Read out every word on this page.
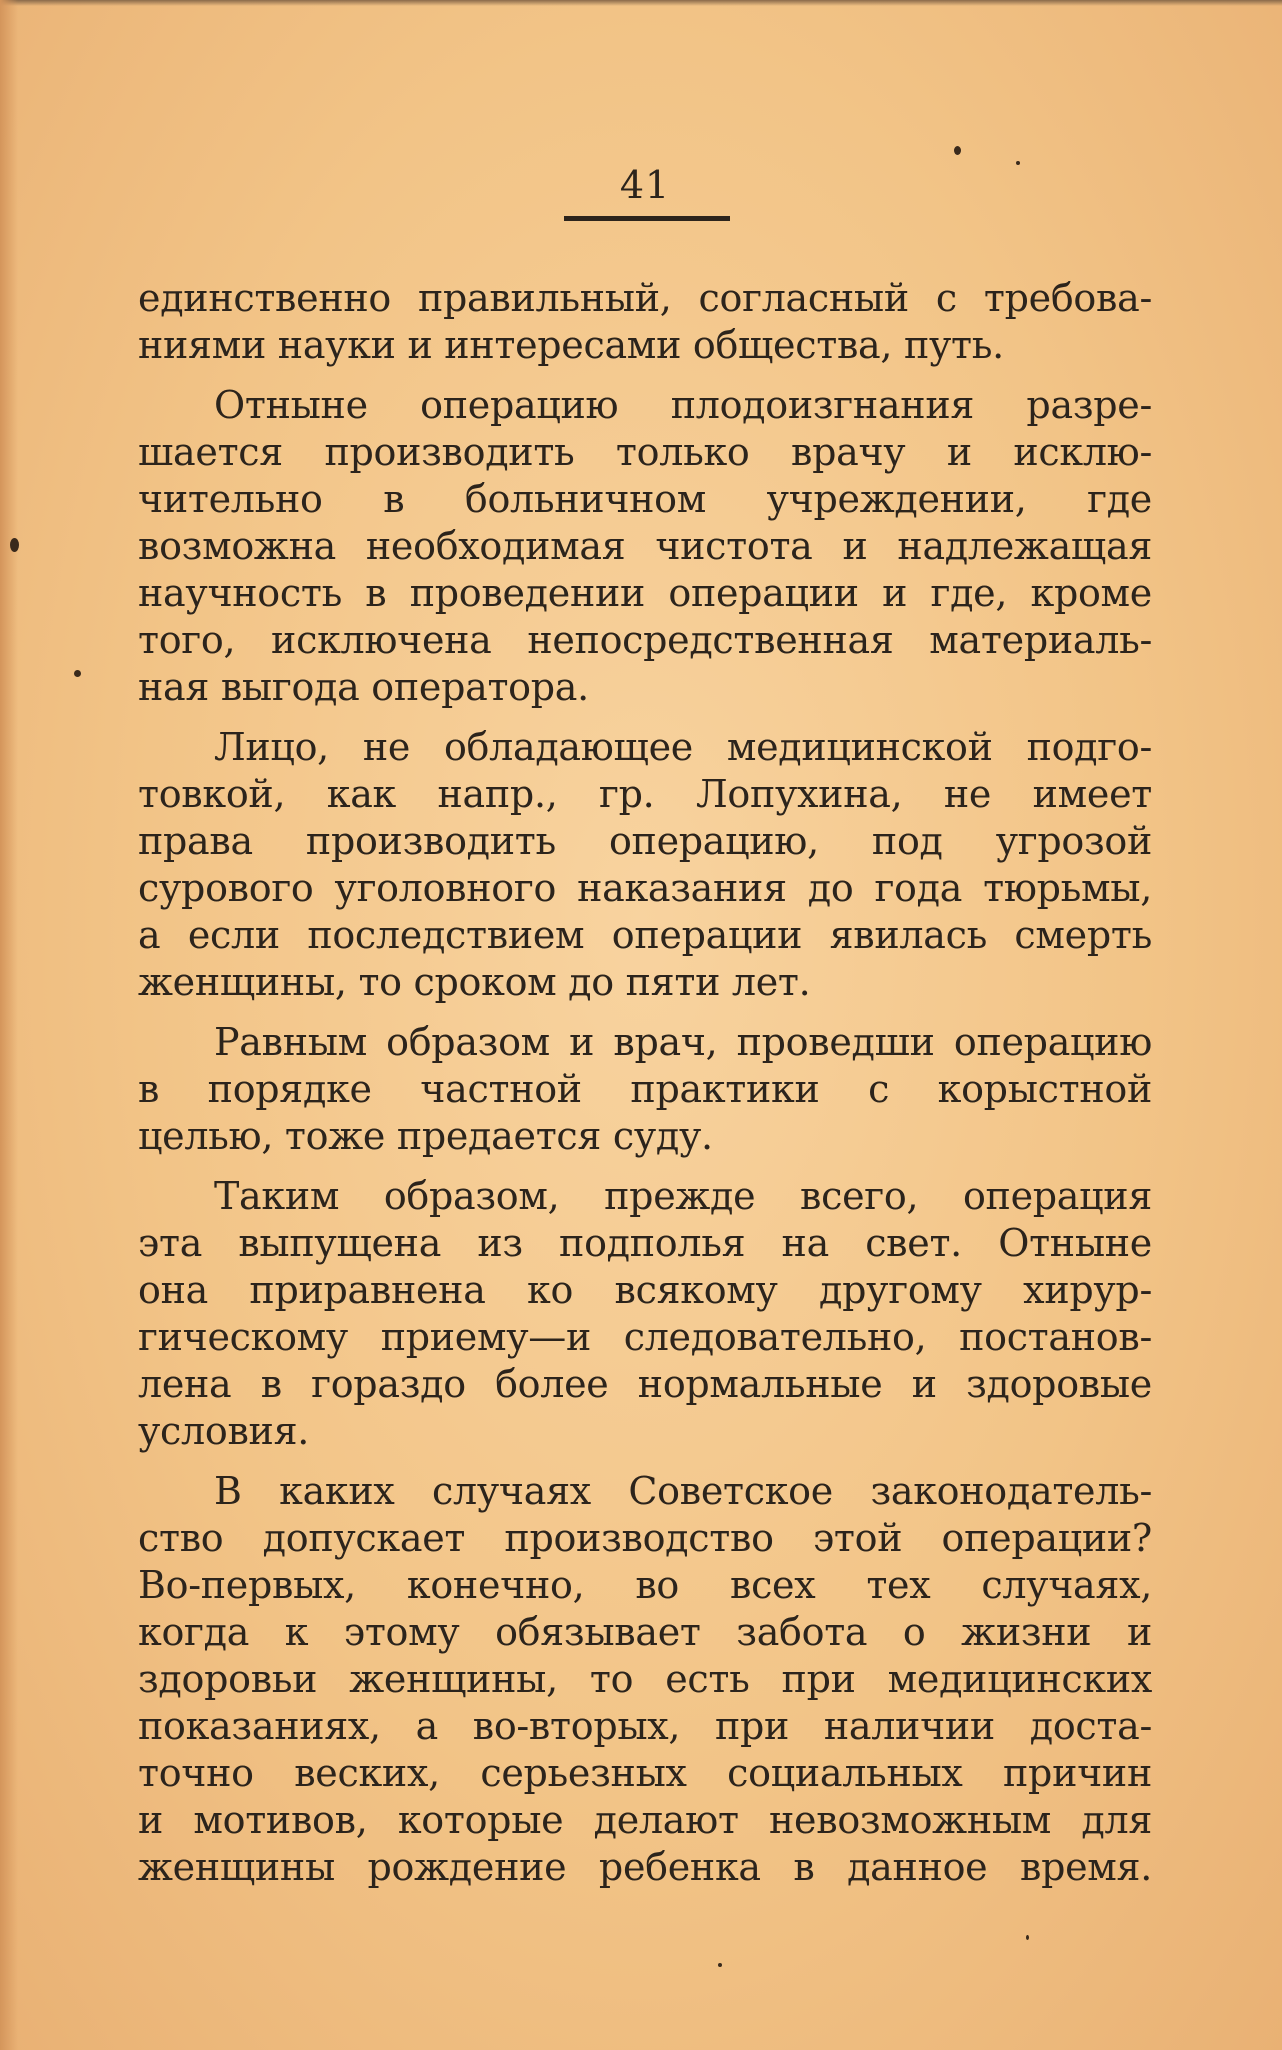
41
единственно правильный, согласный с требова-
ниями науки и интересами общества, путь.
Отныне операцию плодоизгнания разре-
шается производить только врачу и исклю-
чительно в больничном учреждении, где
возможна необходимая чистота и надлежащая
научность в проведении операции и где, кроме
того, исключена непосредственная материаль-
ная выгода оператора.
Лицо, не обладающее медицинской подго-
товкой, как напр., гр. Лопухина, не имеет
права производить операцию, под угрозой
сурового уголовного наказания до года тюрьмы,
а если последствием операции явилась смерть
женщины, то сроком до пяти лет.
Равным образом и врач, проведши операцию
в порядке частной практики с корыстной
целью, тоже предается суду.
Таким образом, прежде всего, операция
эта выпущена из подполья на свет. Отныне
она приравнена ко всякому другому хирур-
гическому приему—и следовательно, постанов-
лена в гораздо более нормальные и здоровые
условия.
В каких случаях Советское законодатель-
ство допускает производство этой операции?
Во-первых, конечно, во всех тех случаях,
когда к этому обязывает забота о жизни и
здоровьи женщины, то есть при медицинских
показаниях, а во-вторых, при наличии доста-
точно веских, серьезных социальных причин
и мотивов, которые делают невозможным для
женщины рождение ребенка в данное время.
